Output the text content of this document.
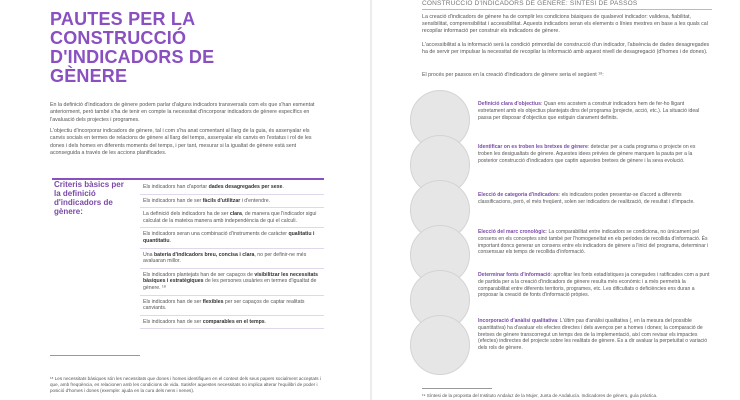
PAUTES PER LA
CONSTRUCCIÓ
D'INDICADORS DE
GÈNERE

En la definició d'indicadors de gènere podem parlar d'alguns indicadors transversals com els que s'han esmentat anteriorment, però també s'ha de tenir en compte la necessitat d'incorporar indicadors de gènere específics en l'avaluació dels projectes i programes.

L'objectiu d'incorporar indicadors de gènere, tal i com s'ha anat comentant al llarg de la guia, és assenyalar els canvis socials en termes de relacions de gènere al llarg del temps, assenyalar els canvis en l'estatus i rol de les dones i dels homes en diferents moments del temps, i per tant, mesurar si la igualtat de gènere està sent aconseguida a través de les accions planificades.

Criteris bàsics per la definició d'indicadors de gènere:
Els indicadors han d'aportar dades desagregades per sexe.
Els indicadors han de ser fàcils d'utilitzar i d'entendre.
La definició dels indicadors ha de ser clara, de manera que l'indicador sigui calculat de la mateixa manera amb independència de qui el calculi.
Els indicadors seran una combinació d'instruments de caràcter qualitatiu i quantitatiu.
Una bateria d'indicadors breu, concisa i clara, no per definir-ne més avaluaran millor.
Els indicadors plantejats han de ser capaços de visibilitzar les necessitats bàsiques i estratègiques de les persones usuàries en termes d'igualtat de gènere. ¹⁸
Els indicadors han de ser flexibles per ser capaços de captar realitats canviants.
Els indicadors han de ser comparables en el temps.

¹⁸ Les necessitats bàsiques són les necessitats que dones i homes identifiquen en el context dels seus papers socialment acceptats i que, amb freqüència, es relacionen amb les condicions de vida. Satisfer aquestes necessitats no implica alterar l'equilibri de poder i posició d'homes i dones (exemple: ajuda en la cura dels nens i nenes).

CONSTRUCCIÓ D'INDICADORS DE GÈNERE: SÍNTESI DE PASSOS

La creació d'indicadors de gènere ha de complir les condicions bàsiques de qualsevol indicador: validesa, fiabilitat, sensibilitat, comprensibilitat i accessibilitat. Aquests indicadors seran els elements o línies mestres en base a les quals cal recopilar informació per construir els indicadors de gènere.

L'accessibilitat a la informació serà la condició primordial de construcció d'un indicador, l'absència de dades desagregades ha de servir per impulsar la necessitat de recopilar la informació amb aquest nivell de desagregació (d'homes i de dones).

El procés per passos en la creació d'indicadors de gènere seria el següent ¹⁹:

Definició clara d'objectius: Quan ens acostem a construir indicadors hem de fer-ho lligant estretament amb els objectius plantejats dins del programa (projecte, acció, etc.). La situació ideal passa per disposar d'objectius que estiguin clarament definits.
Identificar on es troben les bretxes de gènere: detectar per a cada programa o projecte on es troben les desigualtats de gènere. Aquestes idees prèvies de gènere marquen la pauta per a la posterior construcció d'indicadors que captin aquestes bretxes de gènere i la seva evolució.
Elecció de categoria d'indicadors: els indicadors poden presentar-se d'acord a diferents classificacions, però, el més freqüent, solen ser indicadors de realització, de resultat i d'impacte.
Elecció del marc cronològic: La comparabilitat entre indicadors se condiciona, no únicament pel consens en els conceptes sinó també per l'homogeneïtat en els períodes de recollida d'informació. És important doncs generar un consens entre els indicadors de gènere a l'inici del programa, determinar i consensuar els temps de recollida d'informació.
Determinar fonts d'informació: aprofitar les fonts estadístiques ja conegudes i ratificades com a punt de partida per a la creació d'indicadors de gènere resulta més econòmic i a més permetrà la comparabilitat entre diferents territoris, programes, etc. Les dificultats o deficiències ens duran a proposar la creació de fonts d'informació pròpies.
Incorporació d'anàlisi qualitativa: L'últim pas d'anàlisi qualitativa (, en la mesura del possible quantitativa) ha d'avaluar els efectes directes i dels avenços per a homes i dones; la comparació de bretxes de gènere transcorregut un temps des de la implementació, així com revisar els impactes (efectes) indirectes del projecte sobre les realitats de gènere. Es a dir avaluar la perpetuïtat o variació dels rols de gènere.

¹⁹ Síntesi de la proposta del Instituto Andaluz de la Mujer, Junta de Andalucía. Indicadores de género, guía práctica.
